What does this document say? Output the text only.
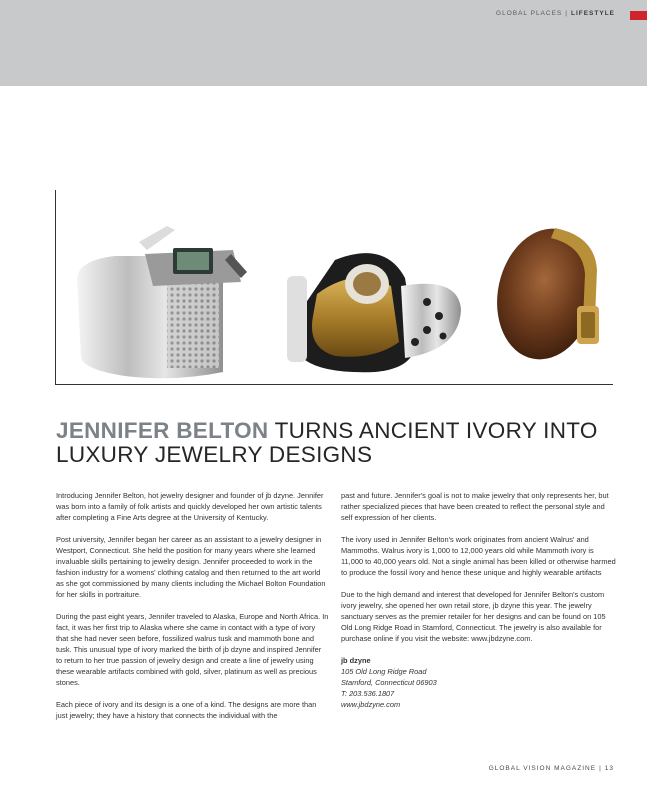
GLOBAL PLACES | LIFESTYLE
JENNIFER BELTON TURNS ANCIENT IVORY INTO
LUXURY JEWELRY DESIGNS

Introducing Jennifer Belton, hot jewelry designer and founder of jb dzyne. Jennifer was born into a family of folk artists and quickly developed her own artistic talents after completing a Fine Arts degree at the University of Kentucky.

Post university, Jennifer began her career as an assistant to a jewelry designer in Westport, Connecticut. She held the position for many years where she learned invaluable skills pertaining to jewelry design. Jennifer proceeded to work in the fashion industry for a womens' clothing catalog and then returned to the art world as she got commissioned by many clients including the Michael Bolton Foundation for her skills in portraiture.

During the past eight years, Jennifer traveled to Alaska, Europe and North Africa. In fact, it was her first trip to Alaska where she came in contact with a type of ivory that she had never seen before, fossilized walrus tusk and mammoth bone and tusk. This unusual type of ivory marked the birth of jb dzyne and inspired Jennifer to return to her true passion of jewelry design and create a line of jewelry using these wearable artifacts combined with gold, silver, platinum as well as precious stones.

Each piece of ivory and its design is a one of a kind. The designs are more than just jewelry; they have a history that connects the individual with the

past and future. Jennifer's goal is not to make jewelry that only represents her, but rather specialized pieces that have been created to reflect the personal style and self expression of her clients.

The ivory used in Jennifer Belton's work originates from ancient Walrus' and Mammoths. Walrus ivory is 1,000 to 12,000 years old while Mammoth ivory is 11,000 to 40,000 years old. Not a single animal has been killed or otherwise harmed to produce the fossil ivory and hence these unique and highly wearable artifacts

Due to the high demand and interest that developed for Jennifer Belton's custom ivory jewelry, she opened her own retail store, jb dzyne this year. The jewelry sanctuary serves as the premier retailer for her designs and can be found on 105 Old Long Ridge Road in Stamford, Connecticut. The jewelry is also available for purchase online if you visit the website: www.jbdzyne.com.

jb dzyne
105 Old Long Ridge Road
Stamford, Connecticut 06903
T: 203.536.1807
www.jbdzyne.com
GLOBAL VISION MAGAZINE | 13
